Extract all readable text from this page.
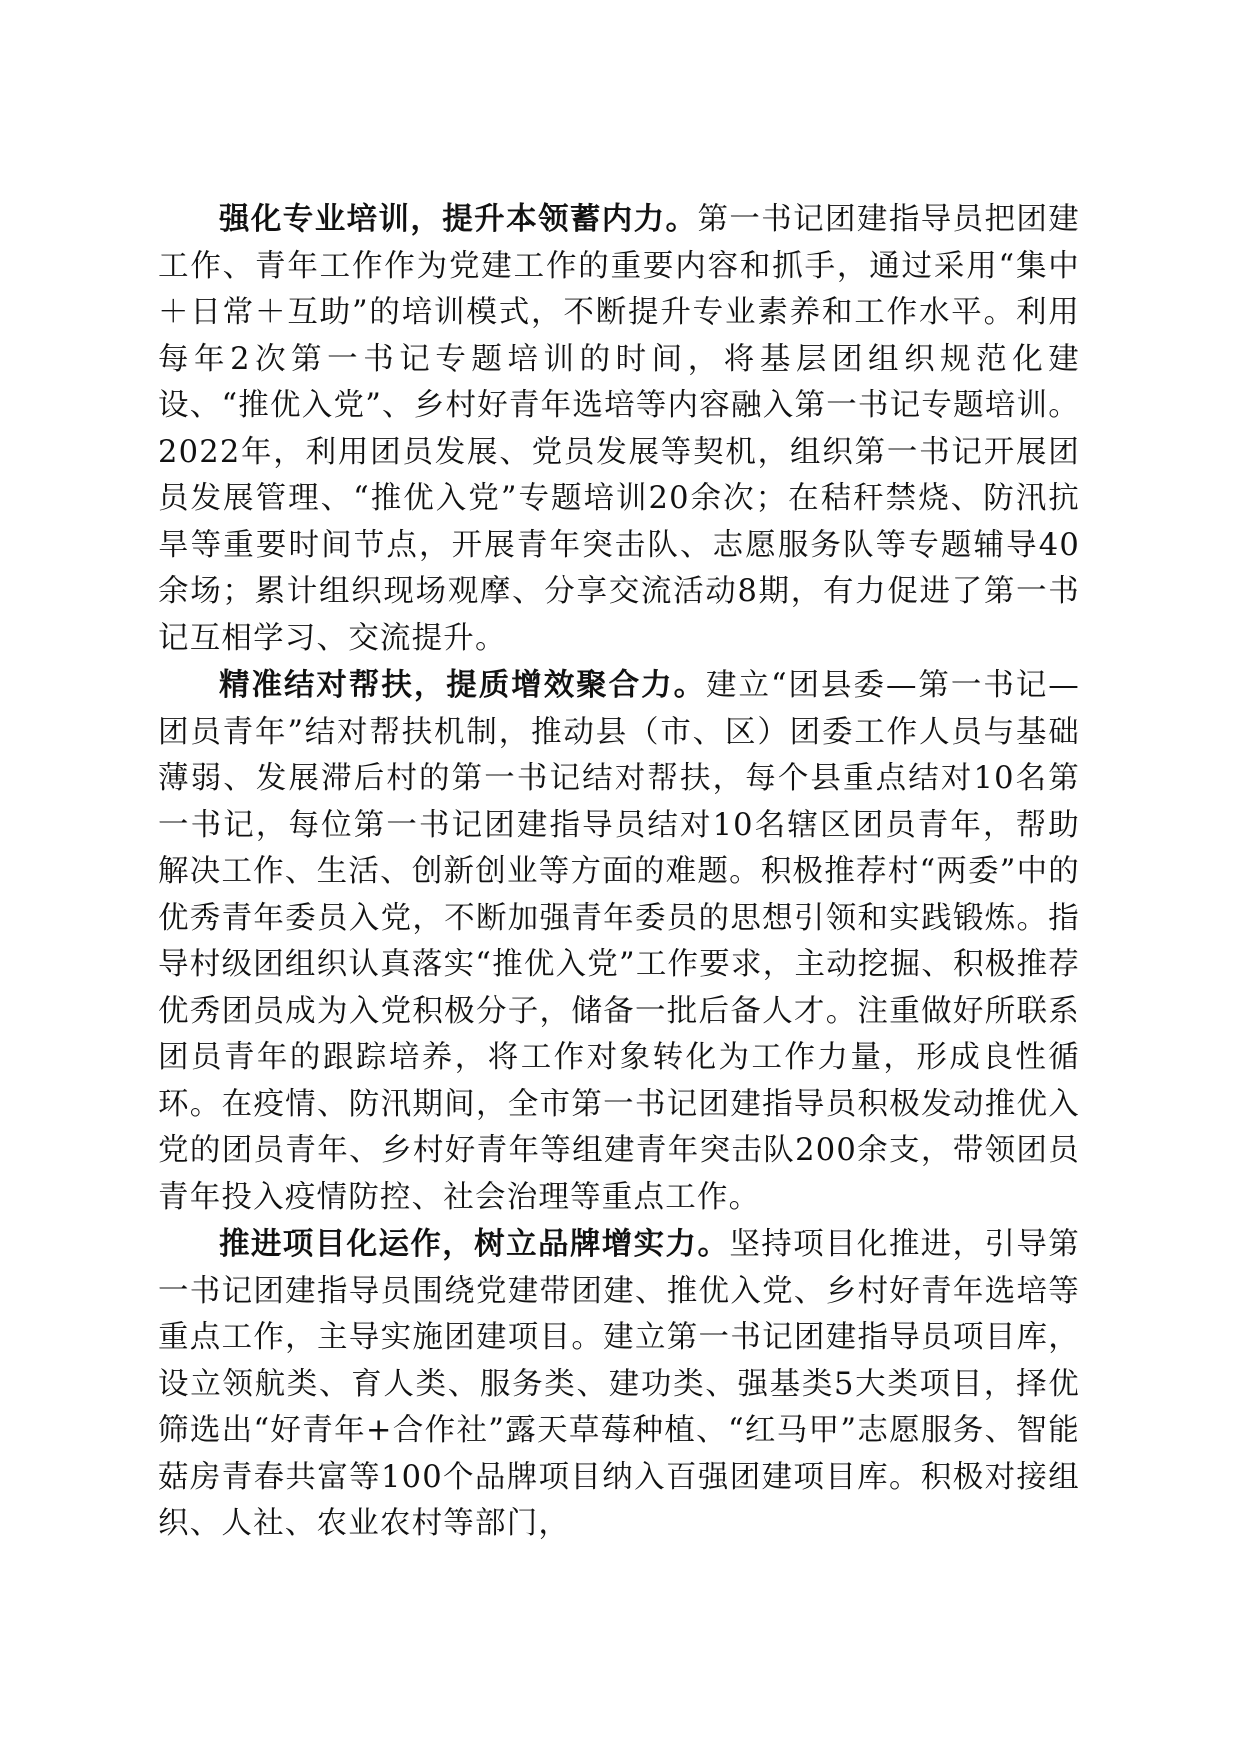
强化专业培训，提升本领蓄内力。第一书记团建指导员把团建工作、青年工作作为党建工作的重要内容和抓手，通过采用“集中＋日常＋互助”的培训模式，不断提升专业素养和工作水平。利用每年2次第一书记专题培训的时间，将基层团组织规范化建设、“推优入党”、乡村好青年选培等内容融入第一书记专题培训。2022年，利用团员发展、党员发展等契机，组织第一书记开展团员发展管理、“推优入党”专题培训20余次；在秸秆禁烧、防汛抗旱等重要时间节点，开展青年突击队、志愿服务队等专题辅导40余场；累计组织现场观摩、分享交流活动8期，有力促进了第一书记互相学习、交流提升。

精准结对帮扶，提质增效聚合力。建立“团县委—第一书记—团员青年”结对帮扶机制，推动县（市、区）团委工作人员与基础薄弱、发展滞后村的第一书记结对帮扶，每个县重点结对10名第一书记，每位第一书记团建指导员结对10名辖区团员青年，帮助解决工作、生活、创新创业等方面的难题。积极推荐村“两委”中的优秀青年委员入党，不断加强青年委员的思想引领和实践锻炼。指导村级团组织认真落实“推优入党”工作要求，主动挖掘、积极推荐优秀团员成为入党积极分子，储备一批后备人才。注重做好所联系团员青年的跟踪培养，将工作对象转化为工作力量，形成良性循环。在疫情、防汛期间，全市第一书记团建指导员积极发动推优入党的团员青年、乡村好青年等组建青年突击队200余支，带领团员青年投入疫情防控、社会治理等重点工作。

推进项目化运作，树立品牌增实力。坚持项目化推进，引导第一书记团建指导员围绕党建带团建、推优入党、乡村好青年选培等重点工作，主导实施团建项目。建立第一书记团建指导员项目库，设立领航类、育人类、服务类、建功类、强基类5大类项目，择优筛选出“好青年+合作社”露天草莓种植、“红马甲”志愿服务、智能菇房青春共富等100个品牌项目纳入百强团建项目库。积极对接组织、人社、农业农村等部门，
